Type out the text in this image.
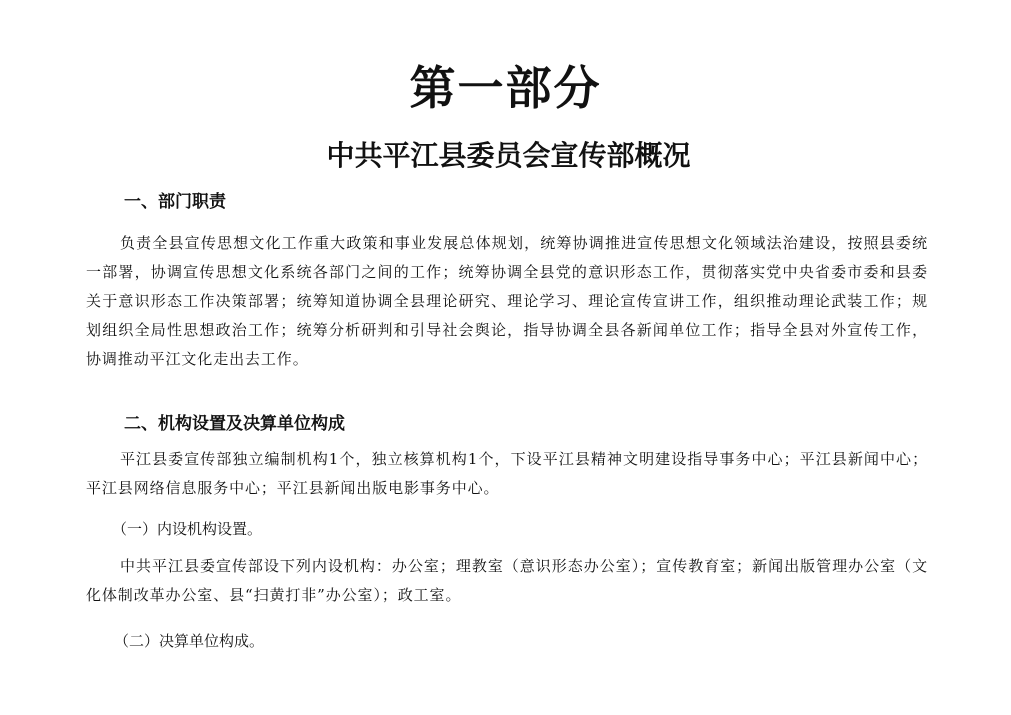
第一部分
中共平江县委员会宣传部概况
一、部门职责
负责全县宣传思想文化工作重大政策和事业发展总体规划，统筹协调推进宣传思想文化领域法治建设，按照县委统一部署，协调宣传思想文化系统各部门之间的工作；统筹协调全县党的意识形态工作，贯彻落实党中央省委市委和县委关于意识形态工作决策部署；统筹知道协调全县理论研究、理论学习、理论宣传宣讲工作，组织推动理论武装工作；规划组织全局性思想政治工作；统筹分析研判和引导社会舆论，指导协调全县各新闻单位工作；指导全县对外宣传工作，协调推动平江文化走出去工作。
二、机构设置及决算单位构成
平江县委宣传部独立编制机构1个，独立核算机构1个，下设平江县精神文明建设指导事务中心；平江县新闻中心；平江县网络信息服务中心；平江县新闻出版电影事务中心。
（一）内设机构设置。
中共平江县委宣传部设下列内设机构：办公室；理教室（意识形态办公室）；宣传教育室；新闻出版管理办公室（文化体制改革办公室、县“扫黄打非”办公室）；政工室。
（二）决算单位构成。
